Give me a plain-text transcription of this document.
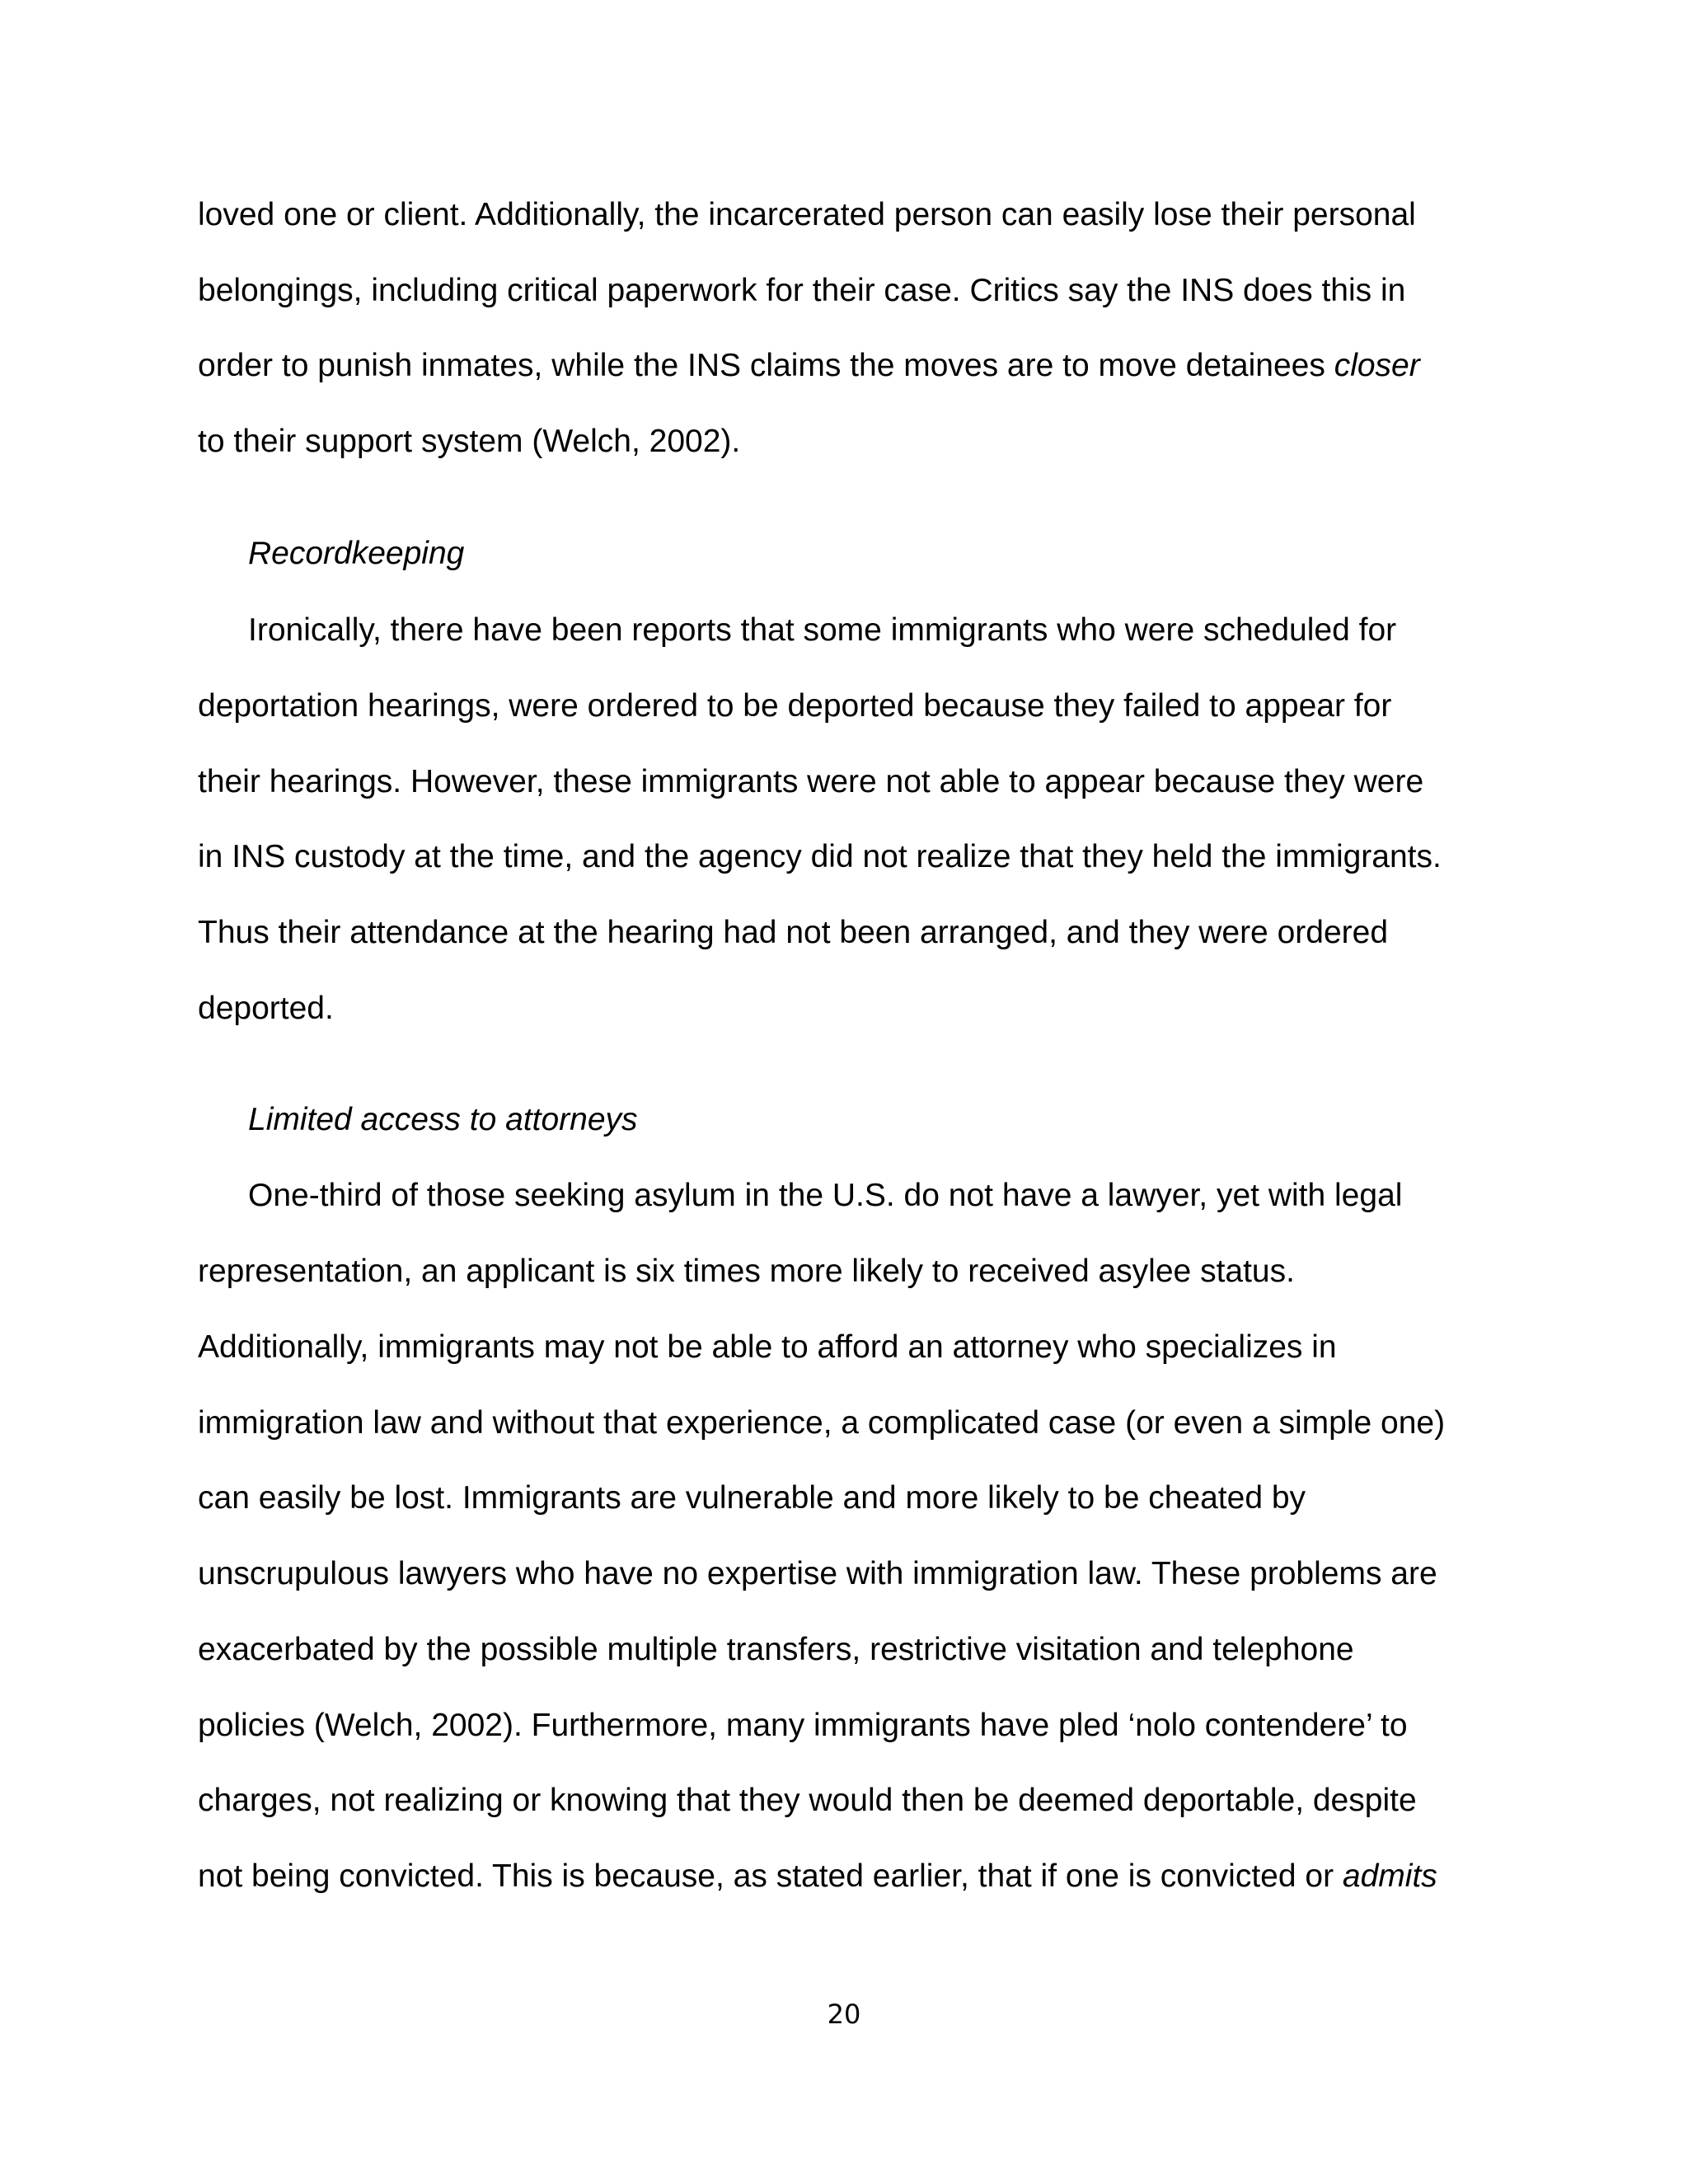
loved one or client. Additionally, the incarcerated person can easily lose their personal

belongings, including critical paperwork for their case. Critics say the INS does this in

order to punish inmates, while the INS claims the moves are to move detainees closer

to their support system (Welch, 2002).

Recordkeeping

Ironically, there have been reports that some immigrants who were scheduled for

deportation hearings, were ordered to be deported because they failed to appear for

their hearings. However, these immigrants were not able to appear because they were

in INS custody at the time, and the agency did not realize that they held the immigrants.

Thus their attendance at the hearing had not been arranged, and they were ordered

deported.

Limited access to attorneys

One-third of those seeking asylum in the U.S. do not have a lawyer, yet with legal

representation, an applicant is six times more likely to received asylee status.

Additionally, immigrants may not be able to afford an attorney who specializes in

immigration law and without that experience, a complicated case (or even a simple one)

can easily be lost. Immigrants are vulnerable and more likely to be cheated by

unscrupulous lawyers who have no expertise with immigration law. These problems are

exacerbated by the possible multiple transfers, restrictive visitation and telephone

policies (Welch, 2002). Furthermore, many immigrants have pled ‘nolo contendere’ to

charges, not realizing or knowing that they would then be deemed deportable, despite

not being convicted. This is because, as stated earlier, that if one is convicted or admits

20
